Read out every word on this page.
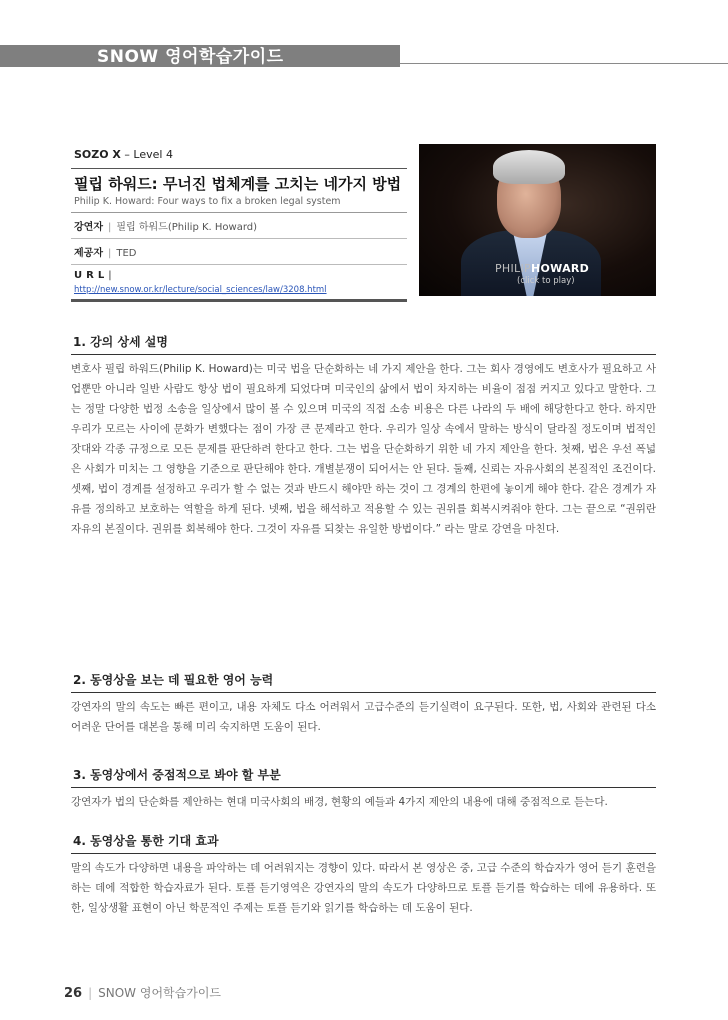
SNOW 영어학습가이드
SOZO X – Level 4
필립 하워드: 무너진 법체계를 고치는 네가지 방법
Philip K. Howard: Four ways to fix a broken legal system
강연자 | 필립 하워드(Philip K. Howard)
제공자 | TED
URL|
http://new.snow.or.kr/lecture/social_sciences/law/3208.html
PHILIPHOWARD
(click to play)
1. 강의 상세 설명
변호사 필립 하워드(Philip K. Howard)는 미국 법을 단순화하는 네 가지 제안을 한다. 그는 회사 경영에도 변호사가 필요하고 사업뿐만 아니라 일반 사람도 항상 법이 필요하게 되었다며 미국인의 삶에서 법이 차지하는 비율이 점점 커지고 있다고 말한다. 그는 정말 다양한 법정 소송을 일상에서 많이 볼 수 있으며 미국의 직접 소송 비용은 다른 나라의 두 배에 해당한다고 한다. 하지만 우리가 모르는 사이에 문화가 변했다는 점이 가장 큰 문제라고 한다. 우리가 일상 속에서 말하는 방식이 달라질 정도이며 법적인 잣대와 각종 규정으로 모든 문제를 판단하려 한다고 한다. 그는 법을 단순화하기 위한 네 가지 제안을 한다. 첫째, 법은 우선 폭넓은 사회가 미치는 그 영향을 기준으로 판단해야 한다. 개별분쟁이 되어서는 안 된다. 둘째, 신뢰는 자유사회의 본질적인 조건이다. 셋째, 법이 경계를 설정하고 우리가 할 수 없는 것과 반드시 해야만 하는 것이 그 경계의 한편에 놓이게 해야 한다. 같은 경계가 자유를 정의하고 보호하는 역할을 하게 된다. 넷째, 법을 해석하고 적용할 수 있는 권위를 회복시켜줘야 한다. 그는 끝으로 “권위란 자유의 본질이다. 권위를 회복해야 한다. 그것이 자유를 되찾는 유일한 방법이다.” 라는 말로 강연을 마친다.
2. 동영상을 보는 데 필요한 영어 능력
강연자의 말의 속도는 빠른 편이고, 내용 자체도 다소 어려워서 고급수준의 듣기실력이 요구된다. 또한, 법, 사회와 관련된 다소 어려운 단어를 대본을 통해 미리 숙지하면 도움이 된다.
3. 동영상에서 중점적으로 봐야 할 부분
강연자가 법의 단순화를 제안하는 현대 미국사회의 배경, 현황의 예들과 4가지 제안의 내용에 대해 중점적으로 듣는다.
4. 동영상을 통한 기대 효과
말의 속도가 다양하면 내용을 파악하는 데 어려워지는 경향이 있다. 따라서 본 영상은 중, 고급 수준의 학습자가 영어 듣기 훈련을 하는 데에 적합한 학습자료가 된다. 토플 듣기영역은 강연자의 말의 속도가 다양하므로 토플 듣기를 학습하는 데에 유용하다. 또한, 일상생활 표현이 아닌 학문적인 주제는 토플 듣기와 읽기를 학습하는 데 도움이 된다.
26 | SNOW 영어학습가이드
